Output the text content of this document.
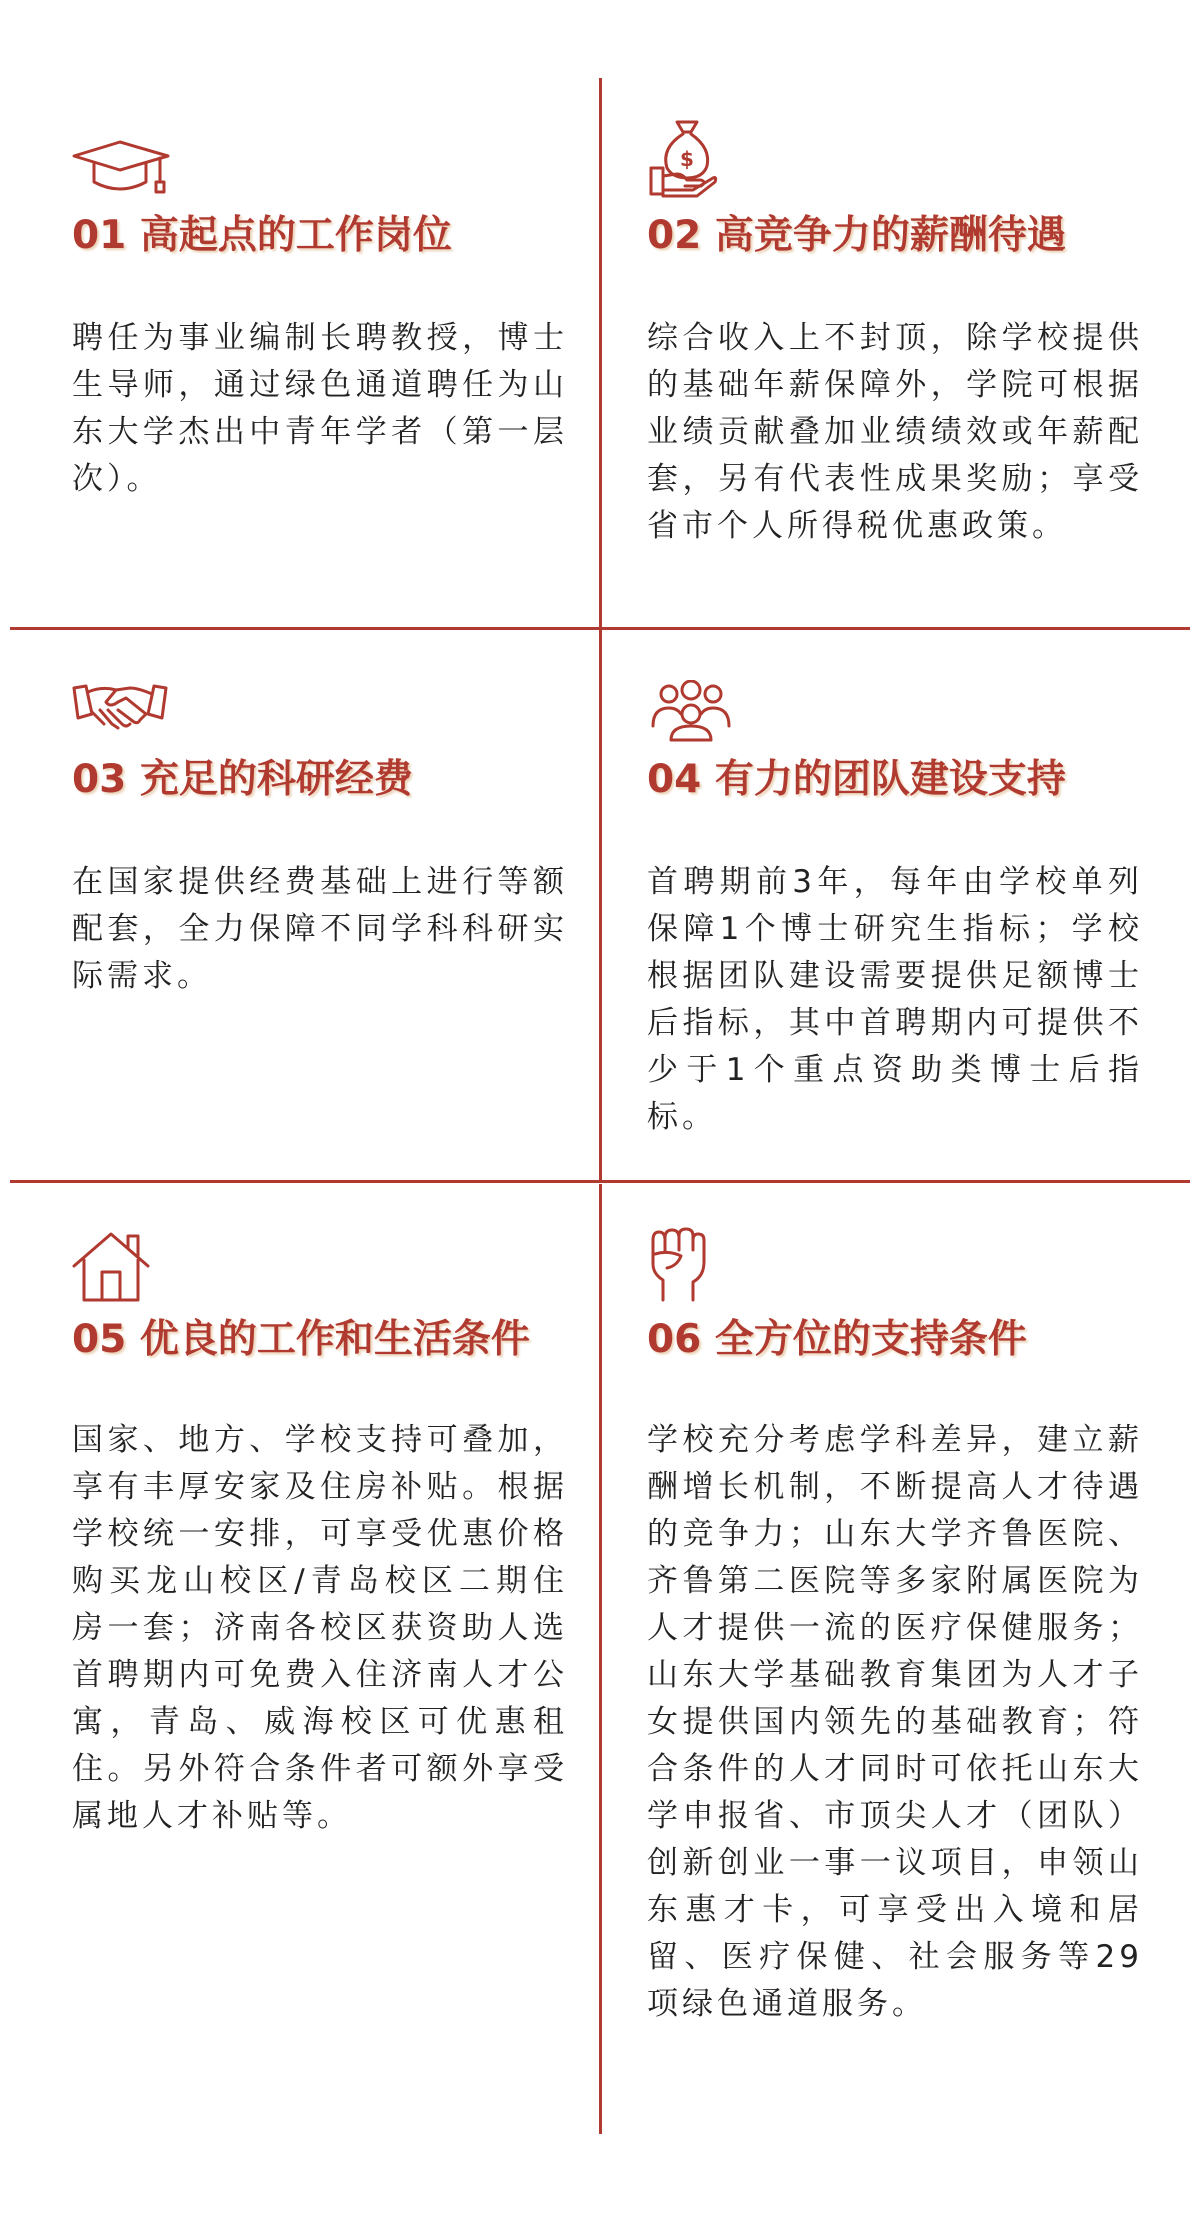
01 高起点的工作岗位

聘任为事业编制长聘教授，博士生导师，通过绿色通道聘任为山东大学杰出中青年学者（第一层次）。

$
02 高竞争力的薪酬待遇

综合收入上不封顶，除学校提供的基础年薪保障外，学院可根据业绩贡献叠加业绩绩效或年薪配套，另有代表性成果奖励；享受省市个人所得税优惠政策。

03 充足的科研经费

在国家提供经费基础上进行等额配套，全力保障不同学科科研实际需求。

04 有力的团队建设支持

首聘期前3年，每年由学校单列保障1个博士研究生指标；学校根据团队建设需要提供足额博士后指标，其中首聘期内可提供不少于1个重点资助类博士后指标。

05 优良的工作和生活条件

国家、地方、学校支持可叠加，享有丰厚安家及住房补贴。根据学校统一安排，可享受优惠价格购买龙山校区/青岛校区二期住房一套；济南各校区获资助人选首聘期内可免费入住济南人才公寓，青岛、威海校区可优惠租住。另外符合条件者可额外享受属地人才补贴等。

06 全方位的支持条件

学校充分考虑学科差异，建立薪酬增长机制，不断提高人才待遇的竞争力；山东大学齐鲁医院、齐鲁第二医院等多家附属医院为人才提供一流的医疗保健服务；山东大学基础教育集团为人才子女提供国内领先的基础教育；符合条件的人才同时可依托山东大学申报省、市顶尖人才（团队）创新创业一事一议项目，申领山东惠才卡，可享受出入境和居留、医疗保健、社会服务等29项绿色通道服务。
